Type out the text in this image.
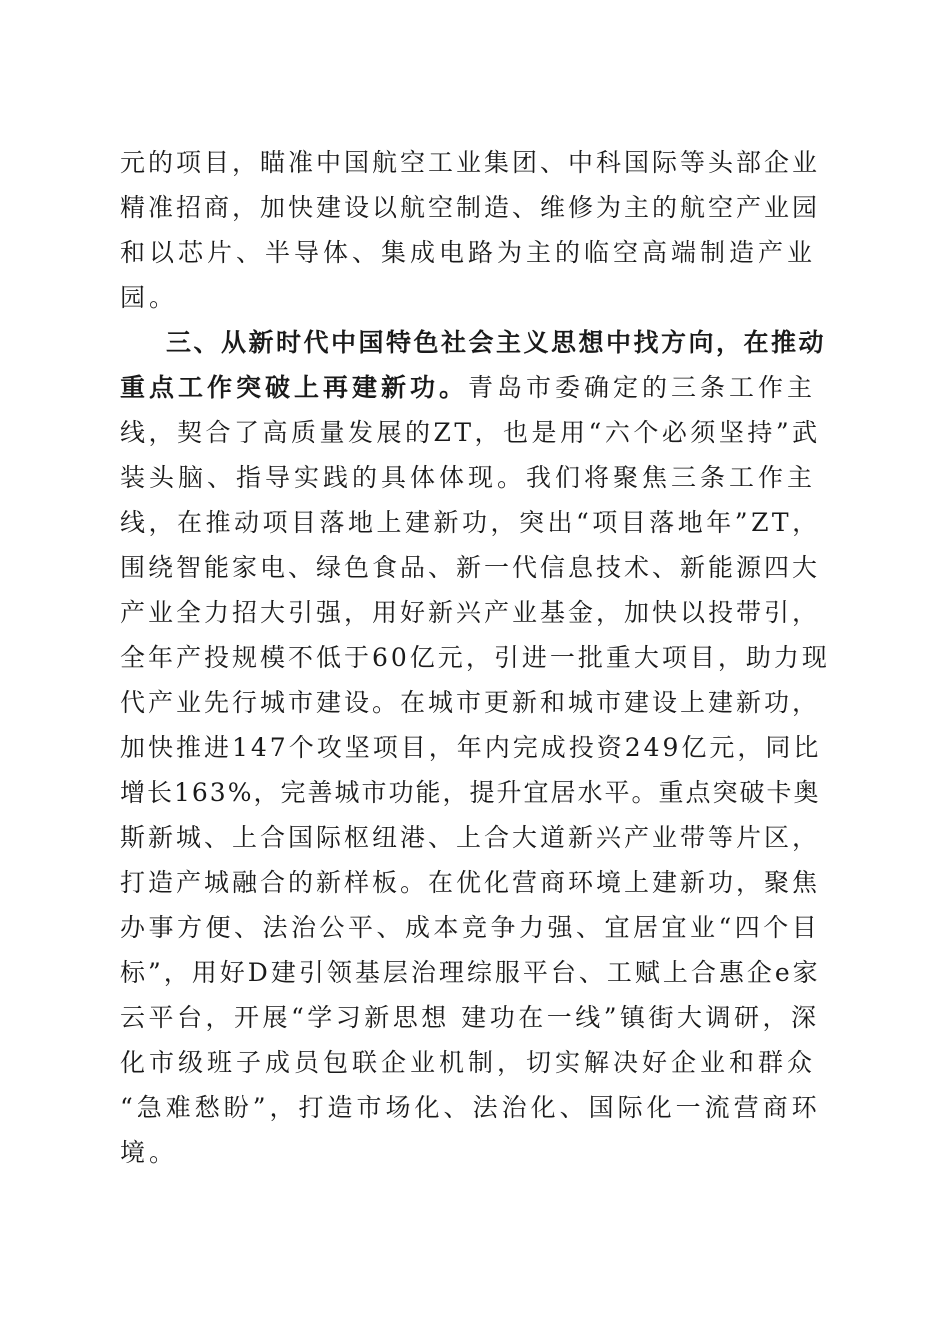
元的项目，瞄准中国航空工业集团、中科国际等头部企业
精准招商，加快建设以航空制造、维修为主的航空产业园
和以芯片、半导体、集成电路为主的临空高端制造产业
园。
三、从新时代中国特色社会主义思想中找方向，在推动
重点工作突破上再建新功。青岛市委确定的三条工作主
线，契合了高质量发展的ZT，也是用“六个必须坚持”武
装头脑、指导实践的具体体现。我们将聚焦三条工作主
线，在推动项目落地上建新功，突出“项目落地年”ZT，
围绕智能家电、绿色食品、新一代信息技术、新能源四大
产业全力招大引强，用好新兴产业基金，加快以投带引，
全年产投规模不低于60亿元，引进一批重大项目，助力现
代产业先行城市建设。在城市更新和城市建设上建新功，
加快推进147个攻坚项目，年内完成投资249亿元，同比
增长163%，完善城市功能，提升宜居水平。重点突破卡奥
斯新城、上合国际枢纽港、上合大道新兴产业带等片区，
打造产城融合的新样板。在优化营商环境上建新功，聚焦
办事方便、法治公平、成本竞争力强、宜居宜业“四个目
标”，用好D建引领基层治理综服平台、工赋上合惠企e家
云平台，开展“学习新思想 建功在一线”镇街大调研，深
化市级班子成员包联企业机制，切实解决好企业和群众
“急难愁盼”，打造市场化、法治化、国际化一流营商环
境。
